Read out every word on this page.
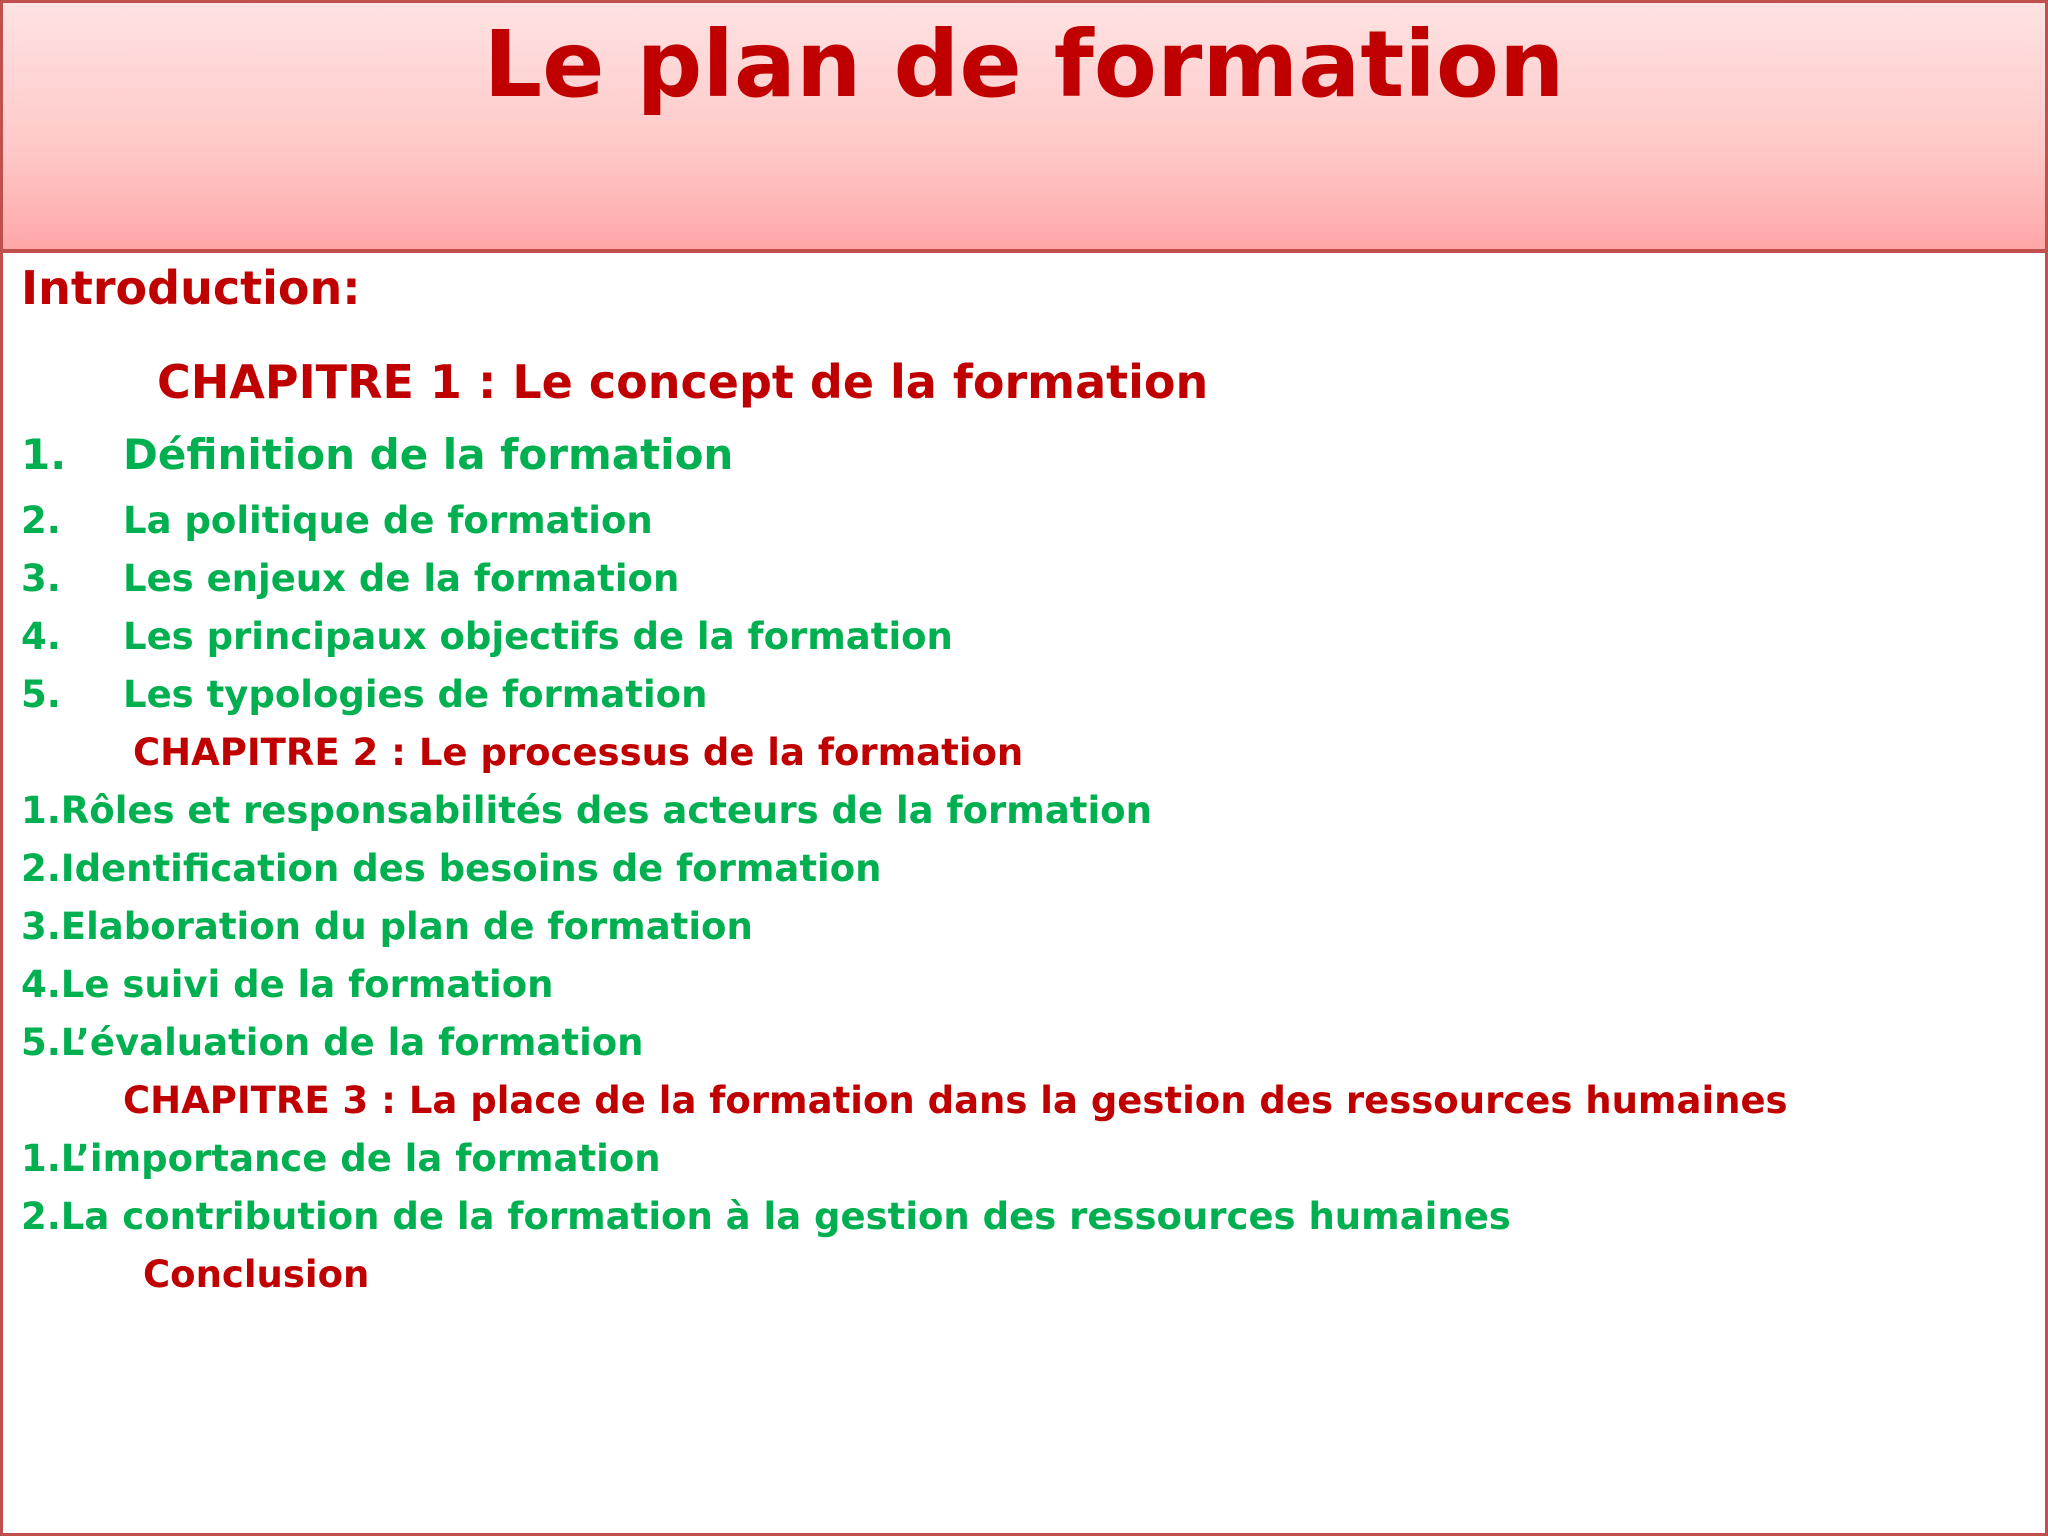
Le plan de formation
Introduction:
CHAPITRE 1 : Le concept de la formation
1. Définition de la formation
2. La politique de formation
3. Les enjeux de la formation
4. Les principaux objectifs de la formation
5. Les typologies de formation
CHAPITRE 2 : Le processus de la formation
1.Rôles et responsabilités des acteurs de la formation
2.Identification des besoins de formation
3.Elaboration du plan de formation
4.Le suivi de la formation
5.L’évaluation de la formation
CHAPITRE 3 : La place de la formation dans la gestion des ressources humaines
1.L’importance de la formation
2.La contribution de la formation à la gestion des ressources humaines
Conclusion
